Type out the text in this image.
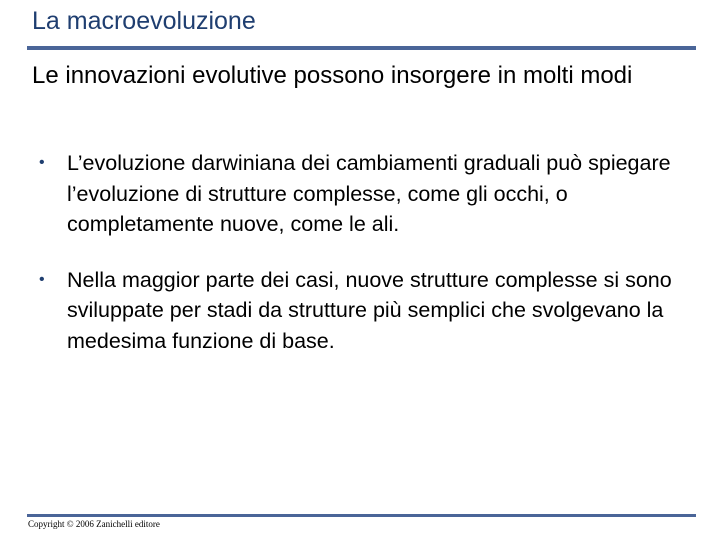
La macroevoluzione
Le innovazioni evolutive possono insorgere in molti modi
• L’evoluzione darwiniana dei cambiamenti graduali può spiegare l’evoluzione di strutture complesse, come gli occhi, o completamente nuove, come le ali.
• Nella maggior parte dei casi, nuove strutture complesse si sono sviluppate per stadi da strutture più semplici che svolgevano la medesima funzione di base.
Copyright © 2006 Zanichelli editore
